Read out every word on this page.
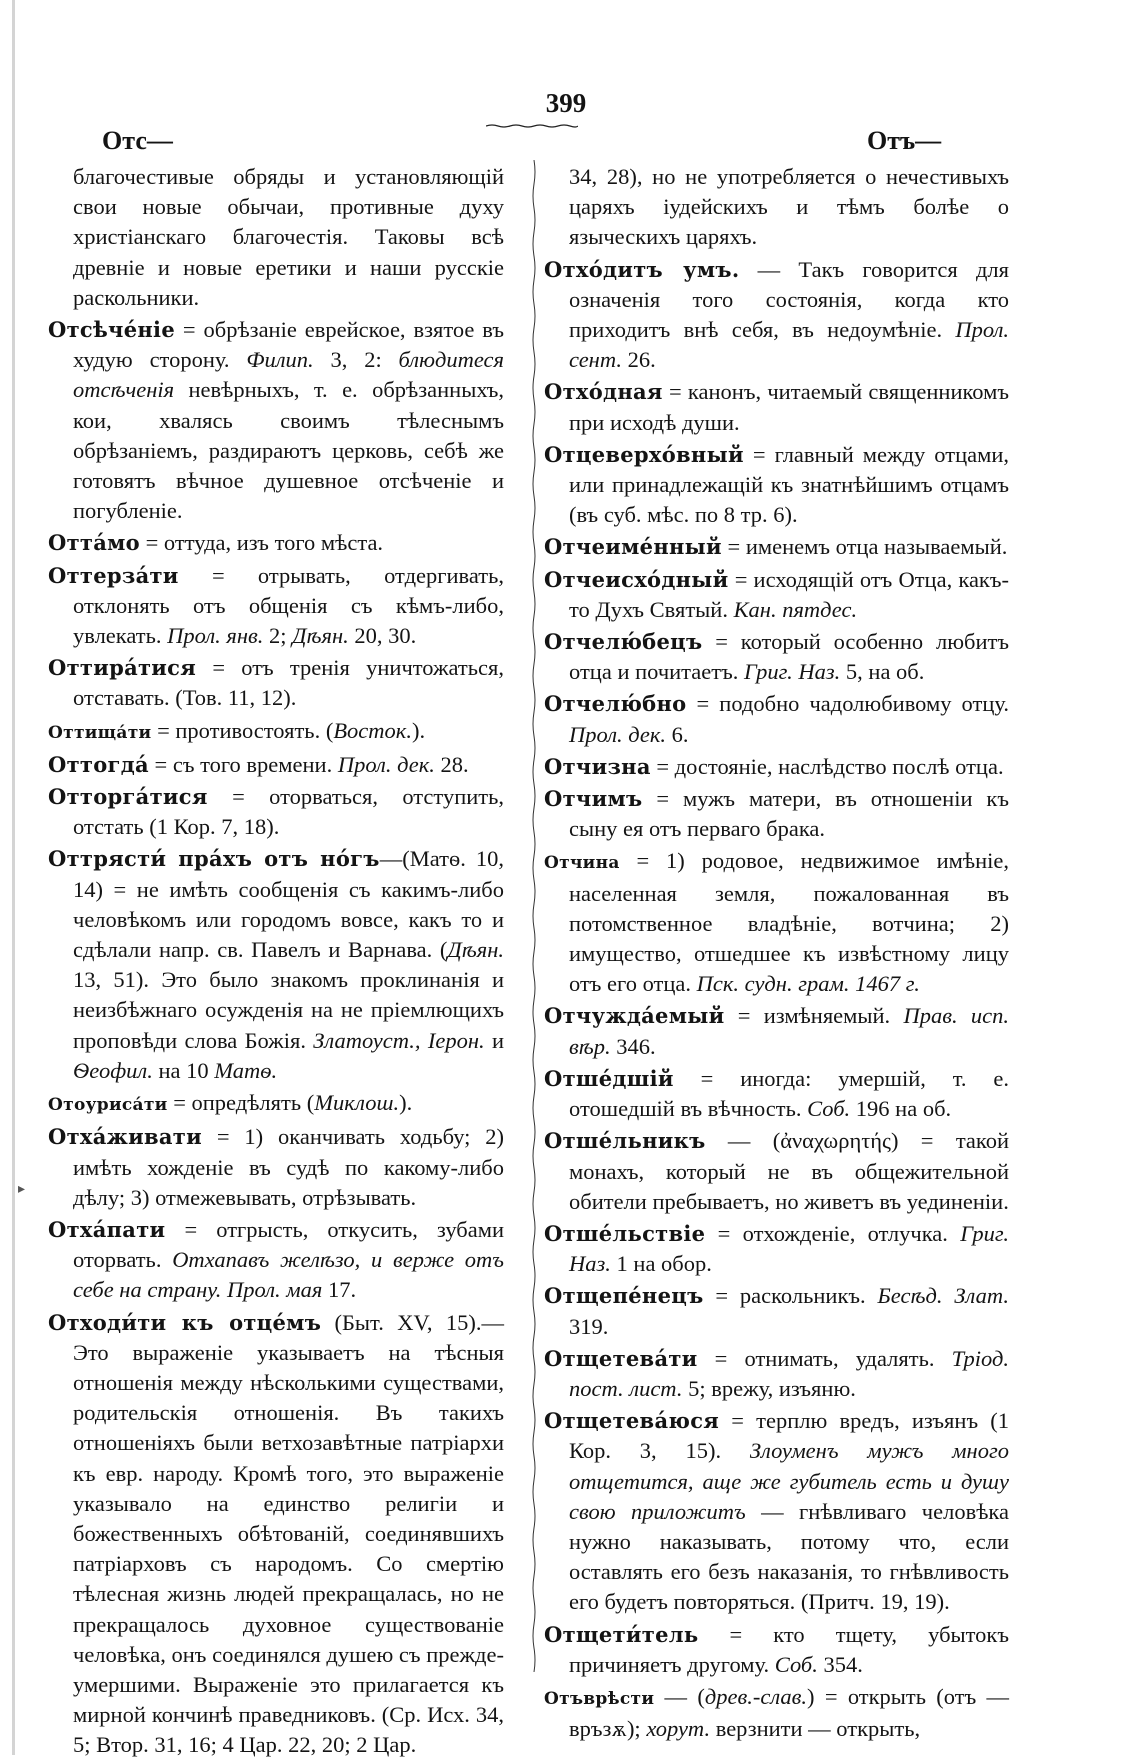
399
Отс—	Отъ—
▸
благочестивые обряды и установляющій свои новые обычаи, противные духу христіанскаго благочестія. Таковы всѣ древніе и новые еретики и наши русскіе раскольники.
Отсѣче́ніе = обрѣзаніе еврейское, взятое въ худую сторону. Филип. 3, 2: блюдитеся отсѣченія невѣрныхъ, т. е. обрѣзанныхъ, кои, хвалясь своимъ тѣлеснымъ обрѣзаніемъ, раздираютъ церковь, себѣ же готовятъ вѣчное душевное отсѣченіе и погубленіе.
Отта́мо = оттуда, изъ того мѣста.
Оттерза́ти = отрывать, отдергивать, отклонять отъ общенія съ кѣмъ-либо, увлекать. Прол. янв. 2; Дѣян. 20, 30.
Оттира́тися = отъ тренія уничтожаться, отставать. (Тов. 11, 12).
Оттища́ти = противостоять. (Восток.).
Оттогда́ = съ того времени. Прол. дек. 28.
Отторга́тися = оторваться, отступить, отстать (1 Кор. 7, 18).
Оттрясти́ пра́хъ отъ но́гъ—(Матѳ. 10, 14) = не имѣть сообщенія съ какимъ-либо человѣкомъ или городомъ вовсе, какъ то и сдѣлали напр. св. Павелъ и Варнава. (Дѣян. 13, 51). Это было знакомъ проклинанія и неизбѣжнаго осужденія на не пріемлющихъ проповѣди слова Божія. Златоуст., Іерон. и Ѳеофил. на 10 Матѳ.
Отоуриса́ти = опредѣлять (Миклош.).
Отха́живати = 1) оканчивать ходьбу; 2) имѣть хожденіе въ судѣ по какому-либо дѣлу; 3) отмежевывать, отрѣзывать.
Отха́пати = отгрысть, откусить, зубами оторвать. Отхапавъ желѣзо, и верже отъ себе на страну. Прол. мая 17.
Отходи́ти къ отце́мъ (Быт. XV, 15).— Это выраженіе указываетъ на тѣсныя отношенія между нѣсколькими существами, родительскія отношенія. Въ такихъ отношеніяхъ были ветхозавѣтные патріархи къ евр. народу. Кромѣ того, это выраженіе указывало на единство религіи и божественныхъ обѣтованій, соединявшихъ патріарховъ съ народомъ. Со смертію тѣлесная жизнь людей прекращалась, но не прекращалось духовное существованіе человѣка, онъ соединялся душею съ прежде-умершими. Выраженіе это прилагается къ мирной кончинѣ праведниковъ. (Ср. Исх. 34, 5; Втор. 31, 16; 4 Цар. 22, 20; 2 Цар.
34, 28), но не употребляется о нечестивыхъ царяхъ іудейскихъ и тѣмъ болѣе о языческихъ царяхъ.
Отхо́дитъ умъ. — Такъ говорится для означенія того состоянія, когда кто приходитъ внѣ себя, въ недоумѣніе. Прол. сент. 26.
Отхо́дная = канонъ, читаемый священникомъ при исходѣ души.
Отцеверхо́вный = главный между отцами, или принадлежащій къ знатнѣйшимъ отцамъ (въ суб. мѣс. по 8 тр. 6).
Отчеимéнный = именемъ отца называемый.
Отчеисхо́дный = исходящій отъ Отца, какъ-то Духъ Святый. Кан. пятдес.
Отчелю́бецъ = который особенно любитъ отца и почитаетъ. Григ. Наз. 5, на об.
Отчелю́бно = подобно чадолюбивому отцу. Прол. дек. 6.
Отчизна = достояніе, наслѣдство послѣ отца.
Отчимъ = мужъ матери, въ отношеніи къ сыну ея отъ перваго брака.
Отчина = 1) родовое, недвижимое имѣніе, населенная земля, пожалованная въ потомственное владѣніе, вотчина; 2) имущество, отшедшее къ извѣстному лицу отъ его отца. Пск. судн. грам. 1467 г.
Отчуждáемый = измѣняемый. Прав. исп. вѣр. 346.
Отшéдшій = иногда: умершій, т. е. отошедшій въ вѣчность. Соб. 196 на об.
Отшéльникъ — (ἀναχωρητής) = такой монахъ, который не въ общежительной обители пребываетъ, но живетъ въ уединеніи.
Отшéльствіе = отхожденіе, отлучка. Григ. Наз. 1 на обор.
Отщепéнецъ = раскольникъ. Бесѣд. Злат. 319.
Отщетева́ти = отнимать, удалять. Тріод. пост. лист. 5; врежу, изъяню.
Отщетева́юся = терплю вредъ, изъянъ (1 Кор. 3, 15). Злоуменъ мужъ много отщетится, аще же губитель есть и душу свою приложитъ — гнѣвливаго человѣка нужно наказывать, потому что, если оставлять его безъ наказанія, то гнѣвливость его будетъ повторяться. (Притч. 19, 19).
Отщети́тель = кто тщету, убытокъ причиняетъ другому. Соб. 354.
Отъврѣсти — (древ.-слав.) = открыть (отъ — връзѫ); хорут. верзнити — открыть,
